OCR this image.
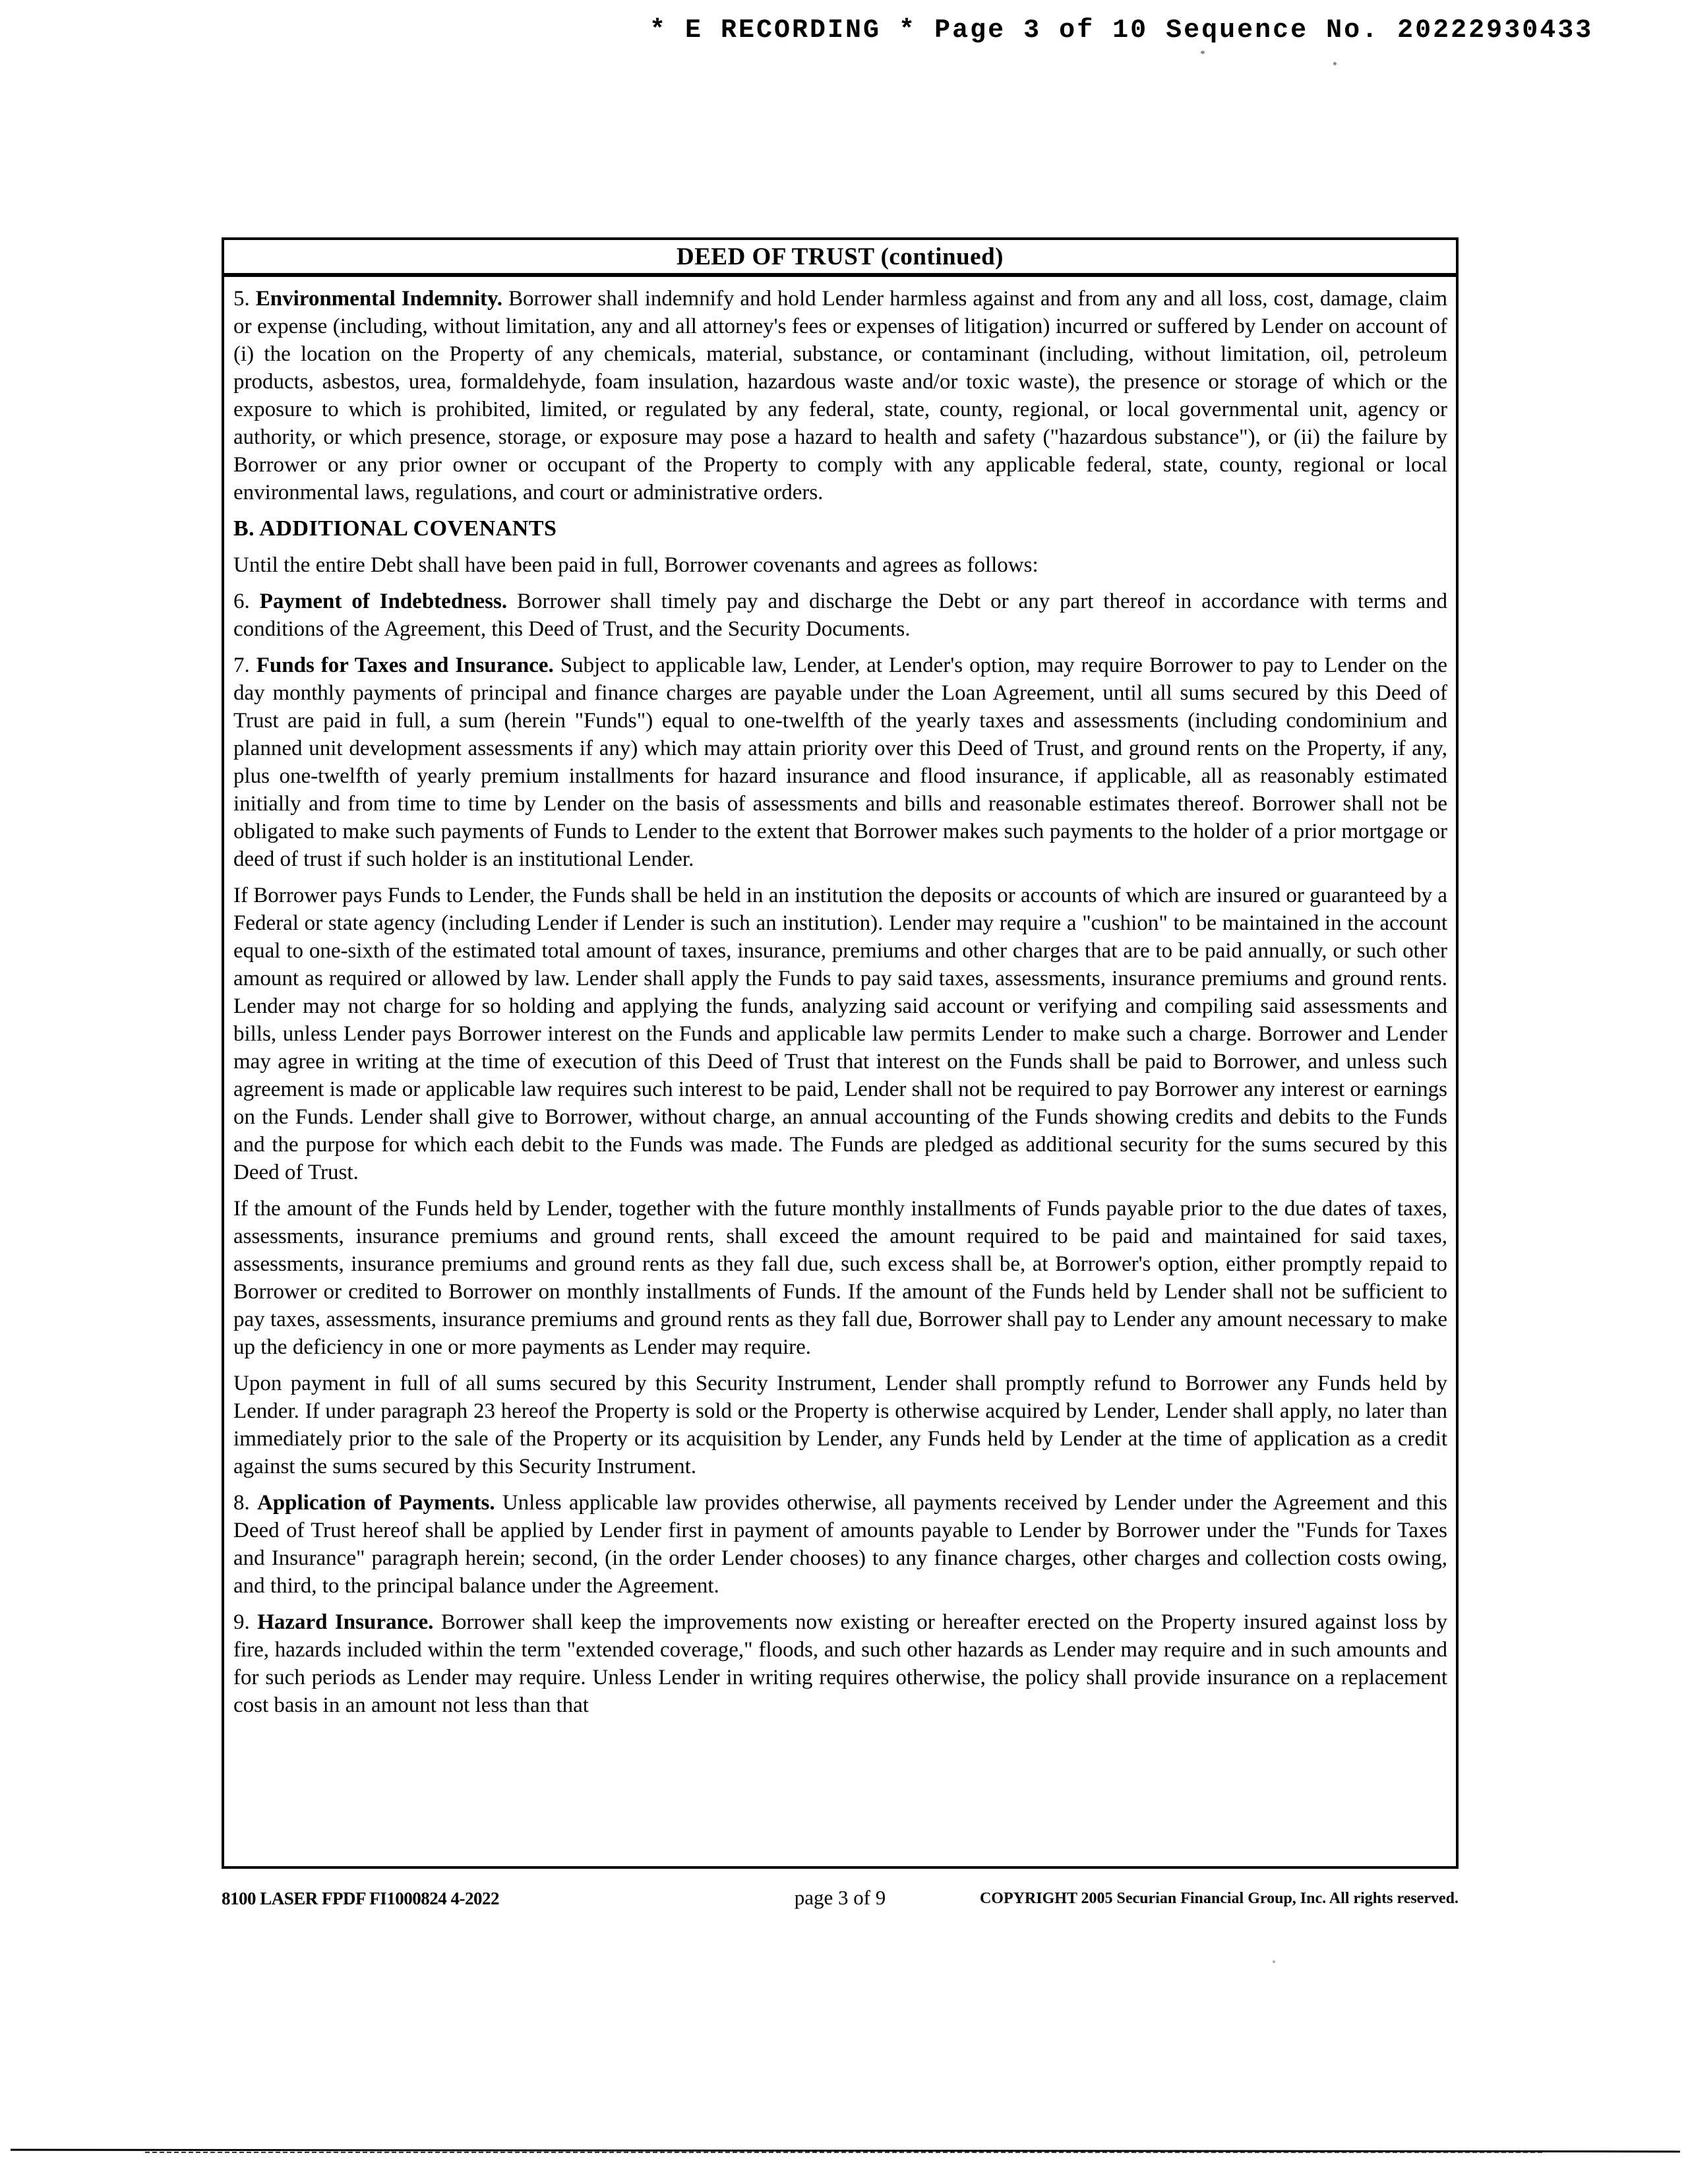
* E RECORDING * Page 3 of 10 Sequence No. 20222930433
DEED OF TRUST (continued)

5. Environmental Indemnity. Borrower shall indemnify and hold Lender harmless against and from any and all loss, cost, damage, claim or expense (including, without limitation, any and all attorney's fees or expenses of litigation) incurred or suffered by Lender on account of (i) the location on the Property of any chemicals, material, substance, or contaminant (including, without limitation, oil, petroleum products, asbestos, urea, formaldehyde, foam insulation, hazardous waste and/or toxic waste), the presence or storage of which or the exposure to which is prohibited, limited, or regulated by any federal, state, county, regional, or local governmental unit, agency or authority, or which presence, storage, or exposure may pose a hazard to health and safety ("hazardous substance"), or (ii) the failure by Borrower or any prior owner or occupant of the Property to comply with any applicable federal, state, county, regional or local environmental laws, regulations, and court or administrative orders.

B. ADDITIONAL COVENANTS

Until the entire Debt shall have been paid in full, Borrower covenants and agrees as follows:

6. Payment of Indebtedness. Borrower shall timely pay and discharge the Debt or any part thereof in accordance with terms and conditions of the Agreement, this Deed of Trust, and the Security Documents.

7. Funds for Taxes and Insurance. Subject to applicable law, Lender, at Lender's option, may require Borrower to pay to Lender on the day monthly payments of principal and finance charges are payable under the Loan Agreement, until all sums secured by this Deed of Trust are paid in full, a sum (herein "Funds") equal to one-twelfth of the yearly taxes and assessments (including condominium and planned unit development assessments if any) which may attain priority over this Deed of Trust, and ground rents on the Property, if any, plus one-twelfth of yearly premium installments for hazard insurance and flood insurance, if applicable, all as reasonably estimated initially and from time to time by Lender on the basis of assessments and bills and reasonable estimates thereof. Borrower shall not be obligated to make such payments of Funds to Lender to the extent that Borrower makes such payments to the holder of a prior mortgage or deed of trust if such holder is an institutional Lender.

If Borrower pays Funds to Lender, the Funds shall be held in an institution the deposits or accounts of which are insured or guaranteed by a Federal or state agency (including Lender if Lender is such an institution). Lender may require a "cushion" to be maintained in the account equal to one-sixth of the estimated total amount of taxes, insurance, premiums and other charges that are to be paid annually, or such other amount as required or allowed by law. Lender shall apply the Funds to pay said taxes, assessments, insurance premiums and ground rents. Lender may not charge for so holding and applying the funds, analyzing said account or verifying and compiling said assessments and bills, unless Lender pays Borrower interest on the Funds and applicable law permits Lender to make such a charge. Borrower and Lender may agree in writing at the time of execution of this Deed of Trust that interest on the Funds shall be paid to Borrower, and unless such agreement is made or applicable law requires such interest to be paid, Lender shall not be required to pay Borrower any interest or earnings on the Funds. Lender shall give to Borrower, without charge, an annual accounting of the Funds showing credits and debits to the Funds and the purpose for which each debit to the Funds was made. The Funds are pledged as additional security for the sums secured by this Deed of Trust.

If the amount of the Funds held by Lender, together with the future monthly installments of Funds payable prior to the due dates of taxes, assessments, insurance premiums and ground rents, shall exceed the amount required to be paid and maintained for said taxes, assessments, insurance premiums and ground rents as they fall due, such excess shall be, at Borrower's option, either promptly repaid to Borrower or credited to Borrower on monthly installments of Funds. If the amount of the Funds held by Lender shall not be sufficient to pay taxes, assessments, insurance premiums and ground rents as they fall due, Borrower shall pay to Lender any amount necessary to make up the deficiency in one or more payments as Lender may require.

Upon payment in full of all sums secured by this Security Instrument, Lender shall promptly refund to Borrower any Funds held by Lender. If under paragraph 23 hereof the Property is sold or the Property is otherwise acquired by Lender, Lender shall apply, no later than immediately prior to the sale of the Property or its acquisition by Lender, any Funds held by Lender at the time of application as a credit against the sums secured by this Security Instrument.

8. Application of Payments. Unless applicable law provides otherwise, all payments received by Lender under the Agreement and this Deed of Trust hereof shall be applied by Lender first in payment of amounts payable to Lender by Borrower under the "Funds for Taxes and Insurance" paragraph herein; second, (in the order Lender chooses) to any finance charges, other charges and collection costs owing, and third, to the principal balance under the Agreement.

9. Hazard Insurance. Borrower shall keep the improvements now existing or hereafter erected on the Property insured against loss by fire, hazards included within the term "extended coverage," floods, and such other hazards as Lender may require and in such amounts and for such periods as Lender may require. Unless Lender in writing requires otherwise, the policy shall provide insurance on a replacement cost basis in an amount not less than that

8100 LASER FPDF FI1000824 4-2022	page 3 of 9	COPYRIGHT 2005 Securian Financial Group, Inc. All rights reserved.
